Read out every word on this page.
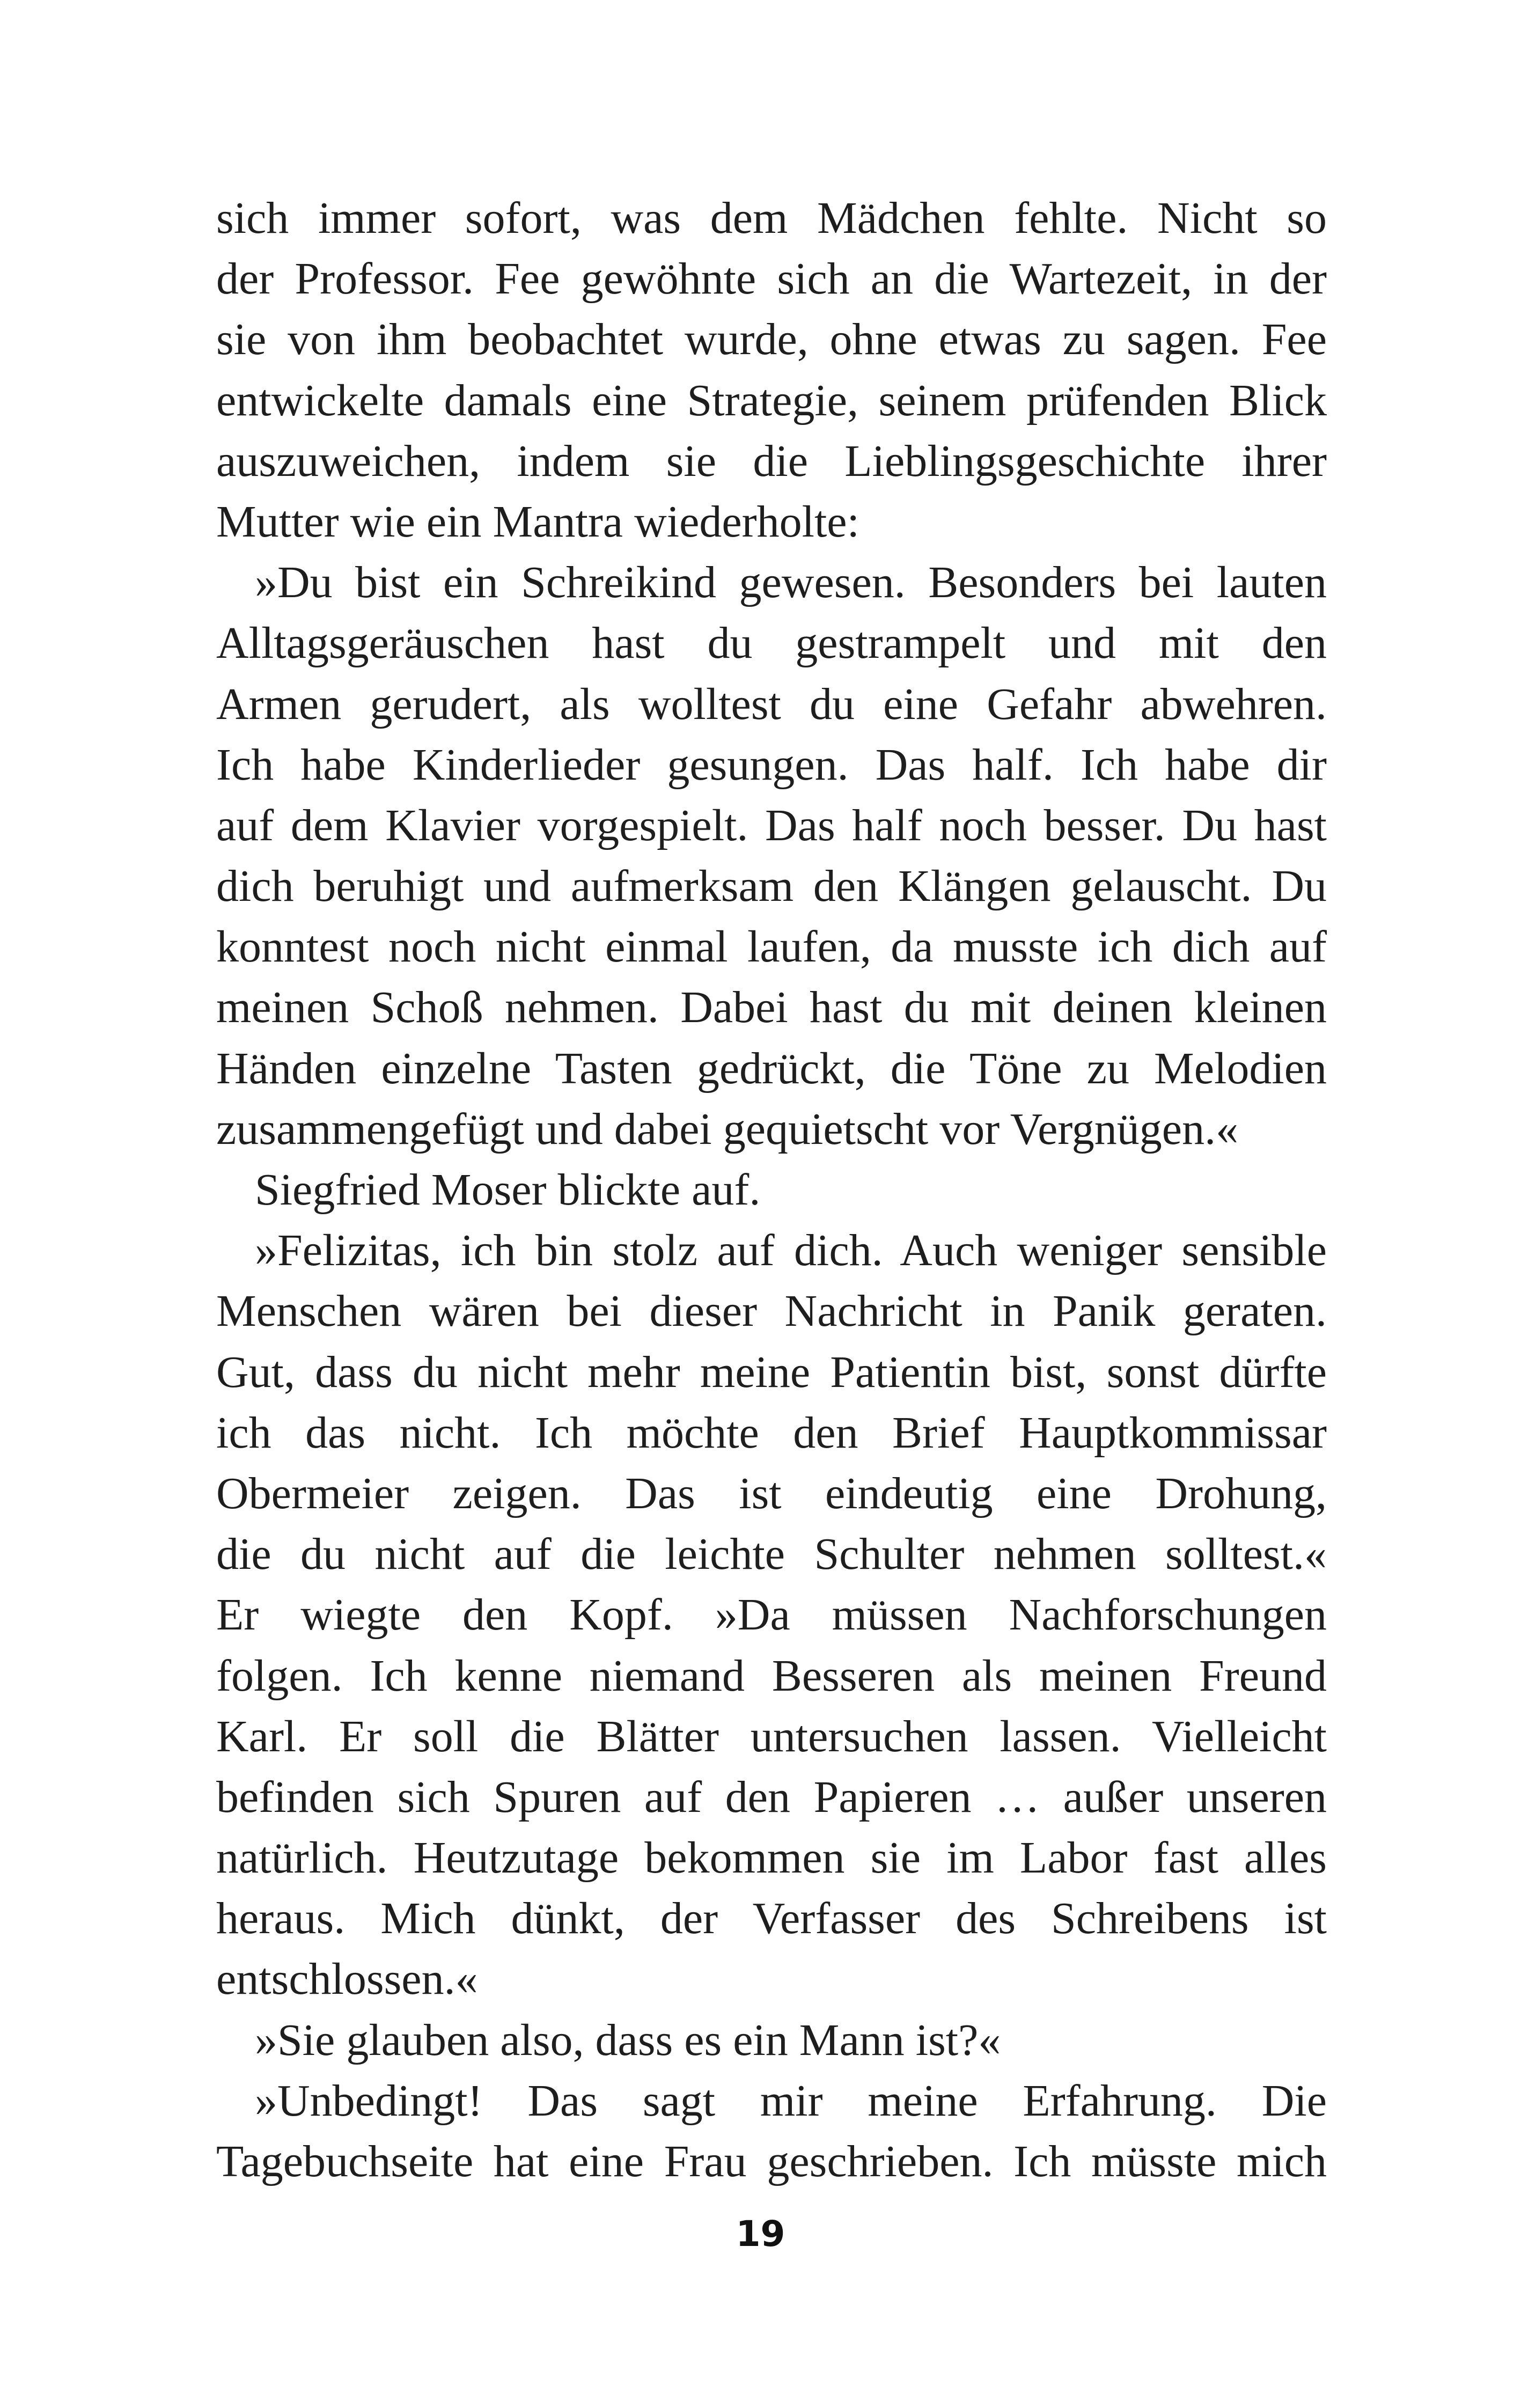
sich immer sofort, was dem Mädchen fehlte. Nicht so
der Professor. Fee gewöhnte sich an die Wartezeit, in der
sie von ihm beobachtet wurde, ohne etwas zu sagen. Fee
entwickelte damals eine Strategie, seinem prüfenden Blick
auszuweichen, indem sie die Lieblingsgeschichte ihrer
Mutter wie ein Mantra wiederholte:
»Du bist ein Schreikind gewesen. Besonders bei lauten
Alltagsgeräuschen hast du gestrampelt und mit den
Armen gerudert, als wolltest du eine Gefahr abwehren.
Ich habe Kinderlieder gesungen. Das half. Ich habe dir
auf dem Klavier vorgespielt. Das half noch besser. Du hast
dich beruhigt und aufmerksam den Klängen gelauscht. Du
konntest noch nicht einmal laufen, da musste ich dich auf
meinen Schoß nehmen. Dabei hast du mit deinen kleinen
Händen einzelne Tasten gedrückt, die Töne zu Melodien
zusammengefügt und dabei gequietscht vor Vergnügen.«
Siegfried Moser blickte auf.
»Felizitas, ich bin stolz auf dich. Auch weniger sensible
Menschen wären bei dieser Nachricht in Panik geraten.
Gut, dass du nicht mehr meine Patientin bist, sonst dürfte
ich das nicht. Ich möchte den Brief Hauptkommissar
Obermeier zeigen. Das ist eindeutig eine Drohung,
die du nicht auf die leichte Schulter nehmen solltest.«
Er wiegte den Kopf. »Da müssen Nachforschungen
folgen. Ich kenne niemand Besseren als meinen Freund
Karl. Er soll die Blätter untersuchen lassen. Vielleicht
befinden sich Spuren auf den Papieren … außer unseren
natürlich. Heutzutage bekommen sie im Labor fast alles
heraus. Mich dünkt, der Verfasser des Schreibens ist
entschlossen.«
»Sie glauben also, dass es ein Mann ist?«
»Unbedingt! Das sagt mir meine Erfahrung. Die
Tagebuchseite hat eine Frau geschrieben. Ich müsste mich
19
